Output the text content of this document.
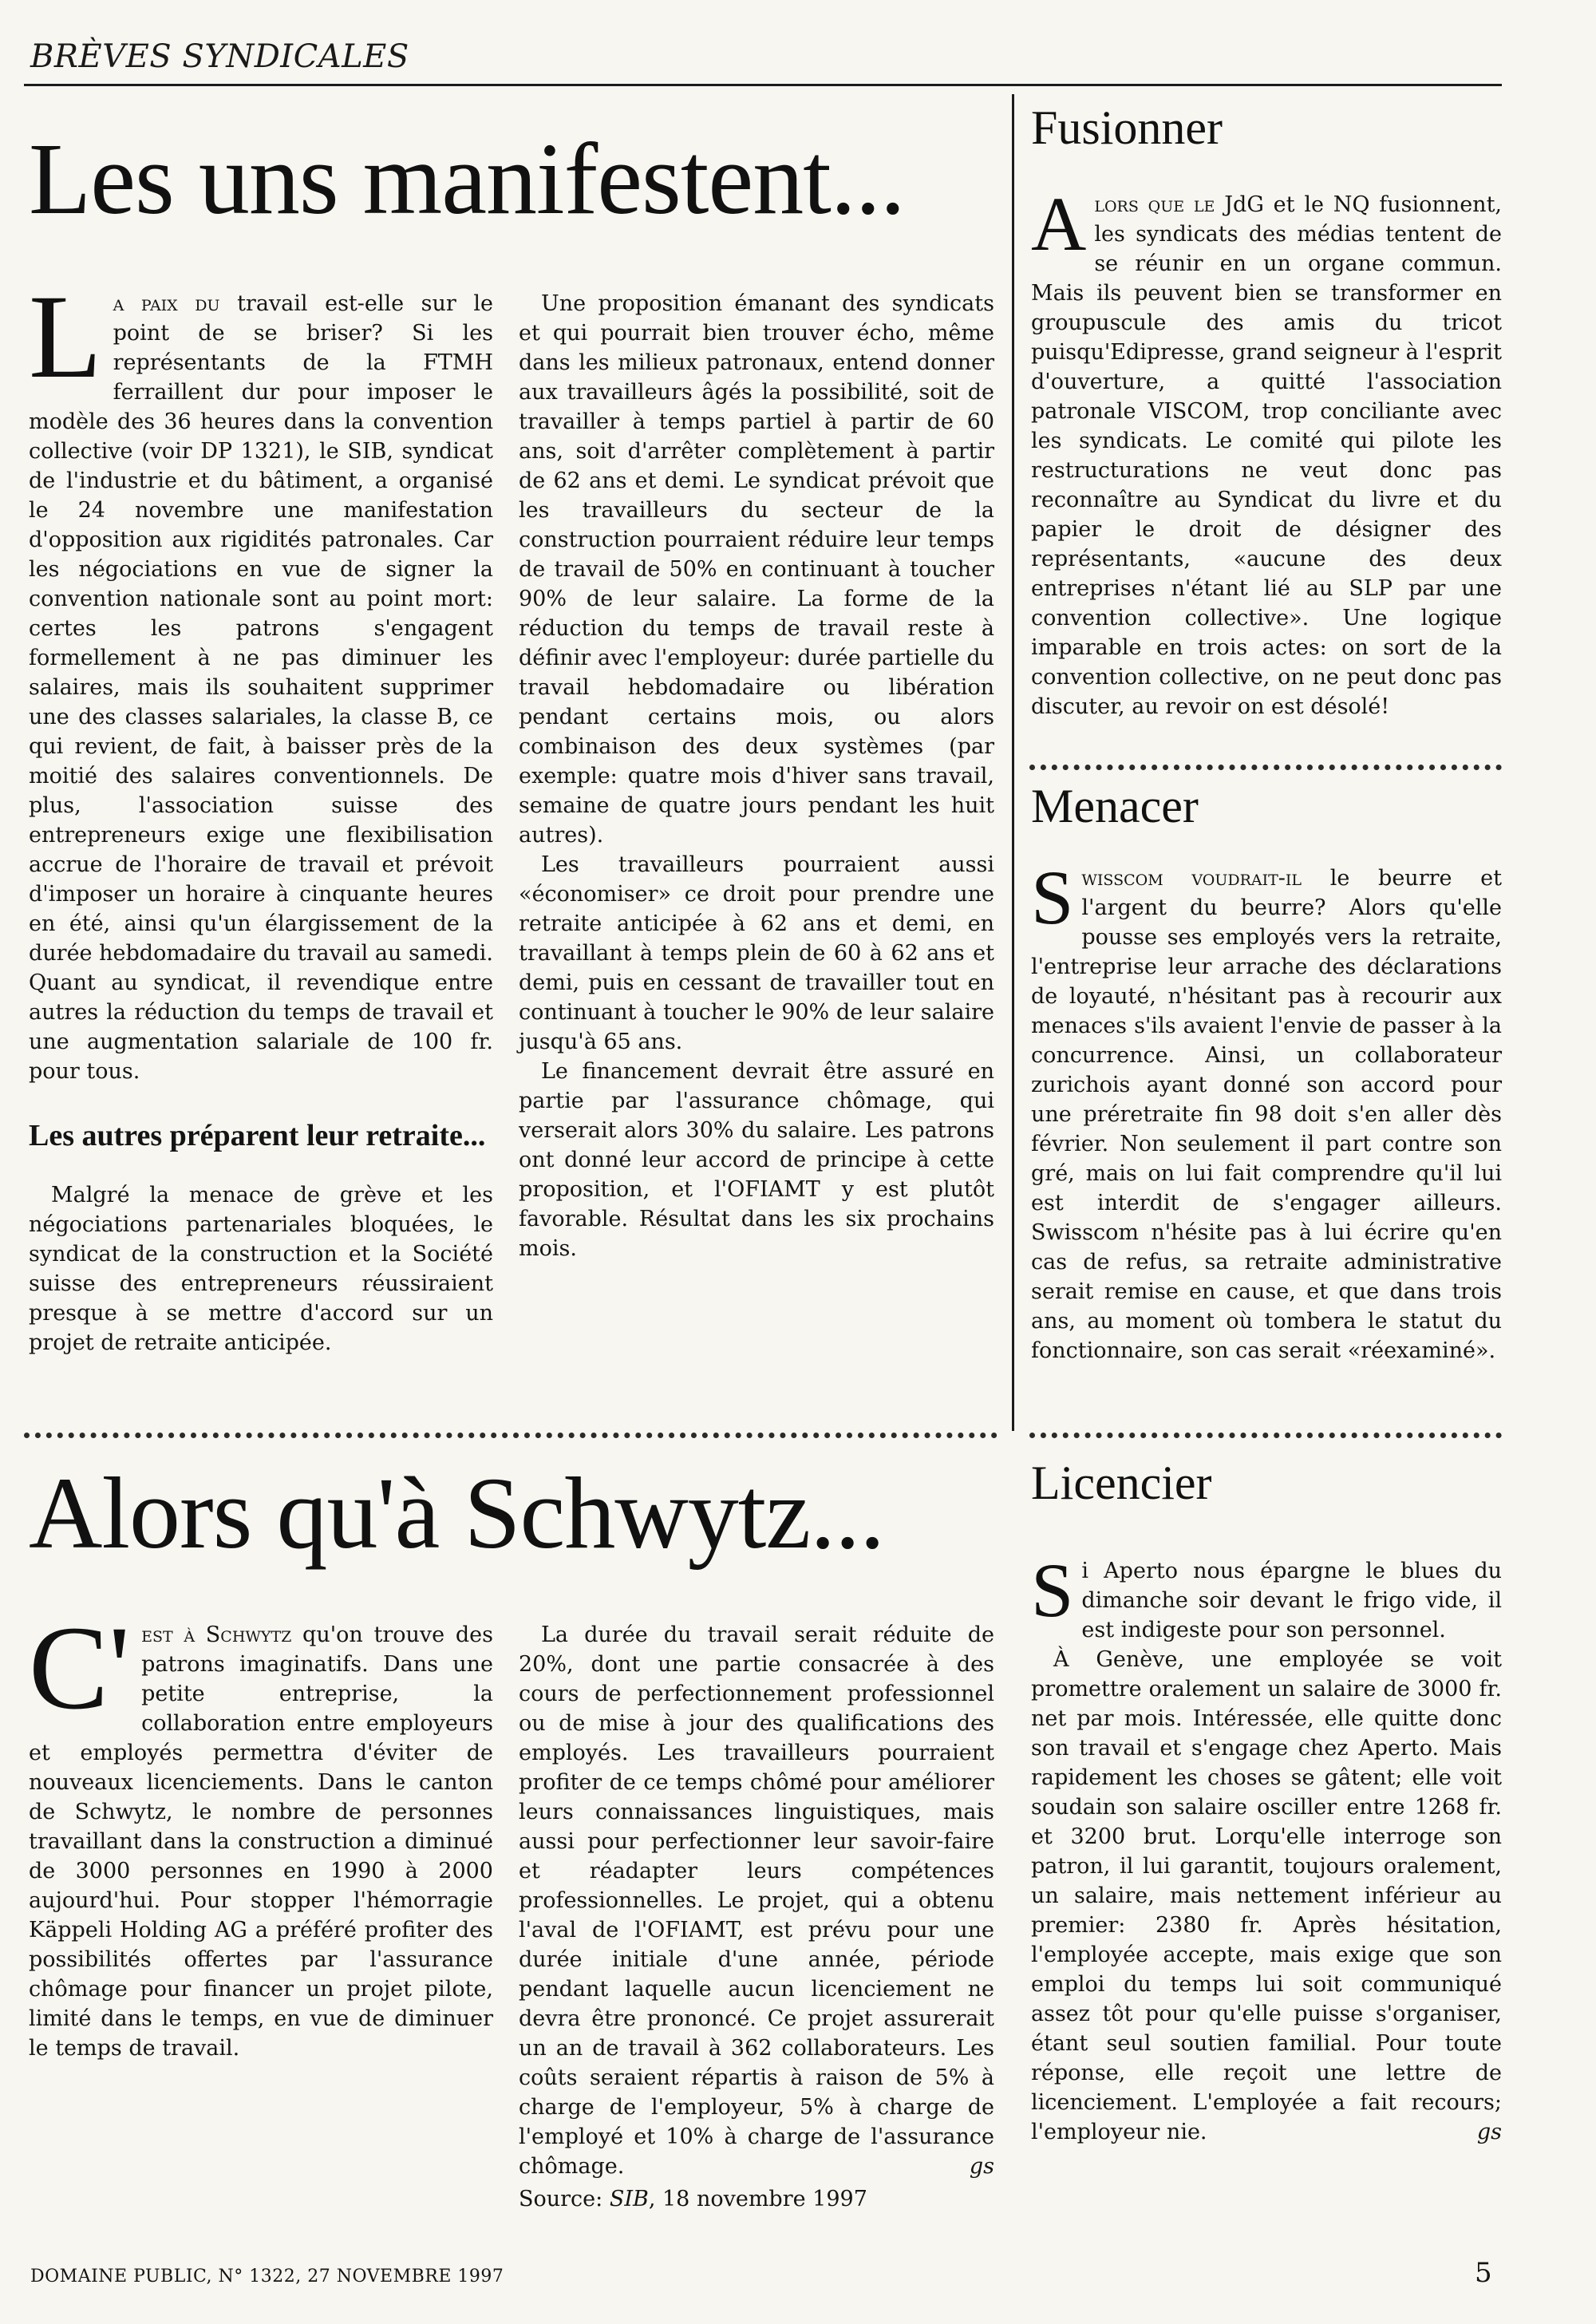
BRÈVES SYNDICALES
Les uns manifestent...

La paix du travail est-elle sur le point de se briser? Si les représentants de la FTMH ferraillent dur pour imposer le modèle des 36 heures dans la convention collective (voir DP 1321), le SIB, syndicat de l'industrie et du bâtiment, a organisé le 24 novembre une manifestation d'opposition aux rigidités patronales. Car les négociations en vue de signer la convention nationale sont au point mort: certes les patrons s'engagent formellement à ne pas diminuer les salaires, mais ils souhaitent supprimer une des classes salariales, la classe B, ce qui revient, de fait, à baisser près de la moitié des salaires conventionnels. De plus, l'association suisse des entrepreneurs exige une flexibilisation accrue de l'horaire de travail et prévoit d'imposer un horaire à cinquante heures en été, ainsi qu'un élargissement de la durée hebdomadaire du travail au samedi. Quant au syndicat, il revendique entre autres la réduction du temps de travail et une augmentation salariale de 100 fr. pour tous.

Les autres préparent leur retraite...

Malgré la menace de grève et les négociations partenariales bloquées, le syndicat de la construction et la Société suisse des entrepreneurs réussiraient presque à se mettre d'accord sur un projet de retraite anticipée.

Une proposition émanant des syndicats et qui pourrait bien trouver écho, même dans les milieux patronaux, entend donner aux travailleurs âgés la possibilité, soit de travailler à temps partiel à partir de 60 ans, soit d'arrêter complètement à partir de 62 ans et demi. Le syndicat prévoit que les travailleurs du secteur de la construction pourraient réduire leur temps de travail de 50% en continuant à toucher 90% de leur salaire. La forme de la réduction du temps de travail reste à définir avec l'employeur: durée partielle du travail hebdomadaire ou libération pendant certains mois, ou alors combinaison des deux systèmes (par exemple: quatre mois d'hiver sans travail, semaine de quatre jours pendant les huit autres).

Les travailleurs pourraient aussi «économiser» ce droit pour prendre une retraite anticipée à 62 ans et demi, en travaillant à temps plein de 60 à 62 ans et demi, puis en cessant de travailler tout en continuant à toucher le 90% de leur salaire jusqu'à 65 ans.

Le financement devrait être assuré en partie par l'assurance chômage, qui verserait alors 30% du salaire. Les patrons ont donné leur accord de principe à cette proposition, et l'OFIAMT y est plutôt favorable. Résultat dans les six prochains mois.

Alors qu'à Schwytz...

C' est à Schwytz qu'on trouve des patrons imaginatifs. Dans une petite entreprise, la collaboration entre employeurs et employés permettra d'éviter de nouveaux licenciements. Dans le canton de Schwytz, le nombre de personnes travaillant dans la construction a diminué de 3000 personnes en 1990 à 2000 aujourd'hui. Pour stopper l'hémorragie Käppeli Holding AG a préféré profiter des possibilités offertes par l'assurance chômage pour financer un projet pilote, limité dans le temps, en vue de diminuer le temps de travail.

La durée du travail serait réduite de 20%, dont une partie consacrée à des cours de perfectionnement professionnel ou de mise à jour des qualifications des employés. Les travailleurs pourraient profiter de ce temps chômé pour améliorer leurs connaissances linguistiques, mais aussi pour perfectionner leur savoir-faire et réadapter leurs compétences professionnelles. Le projet, qui a obtenu l'aval de l'OFIAMT, est prévu pour une durée initiale d'une année, période pendant laquelle aucun licenciement ne devra être prononcé. Ce projet assurerait un an de travail à 362 collaborateurs. Les coûts seraient répartis à raison de 5% à charge de l'employeur, 5% à charge de l'employé et 10% à charge de l'assurance chômage.	gs

Source: SIB, 18 novembre 1997
Fusionner

Alors que le JdG et le NQ fusionnent, les syndicats des médias tentent de se réunir en un organe commun. Mais ils peuvent bien se transformer en groupuscule des amis du tricot puisqu'Edipresse, grand seigneur à l'esprit d'ouverture, a quitté l'association patronale VISCOM, trop conciliante avec les syndicats. Le comité qui pilote les restructurations ne veut donc pas reconnaître au Syndicat du livre et du papier le droit de désigner des représentants, «aucune des deux entreprises n'étant lié au SLP par une convention collective». Une logique imparable en trois actes: on sort de la convention collective, on ne peut donc pas discuter, au revoir on est désolé!

Menacer

Swisscom voudrait-il le beurre et l'argent du beurre? Alors qu'elle pousse ses employés vers la retraite, l'entreprise leur arrache des déclarations de loyauté, n'hésitant pas à recourir aux menaces s'ils avaient l'envie de passer à la concurrence. Ainsi, un collaborateur zurichois ayant donné son accord pour une préretraite fin 98 doit s'en aller dès février. Non seulement il part contre son gré, mais on lui fait comprendre qu'il lui est interdit de s'engager ailleurs. Swisscom n'hésite pas à lui écrire qu'en cas de refus, sa retraite administrative serait remise en cause, et que dans trois ans, au moment où tombera le statut du fonctionnaire, son cas serait «réexaminé».

Licencier

Si Aperto nous épargne le blues du dimanche soir devant le frigo vide, il est indigeste pour son personnel.

À Genève, une employée se voit promettre oralement un salaire de 3000 fr. net par mois. Intéressée, elle quitte donc son travail et s'engage chez Aperto. Mais rapidement les choses se gâtent; elle voit soudain son salaire osciller entre 1268 fr. et 3200 brut. Lorqu'elle interroge son patron, il lui garantit, toujours oralement, un salaire, mais nettement inférieur au premier: 2380 fr. Après hésitation, l'employée accepte, mais exige que son emploi du temps lui soit communiqué assez tôt pour qu'elle puisse s'organiser, étant seul soutien familial. Pour toute réponse, elle reçoit une lettre de licenciement. L'employée a fait recours; l'employeur nie.	gs

DOMAINE PUBLIC, N° 1322, 27 NOVEMBRE 1997	5
